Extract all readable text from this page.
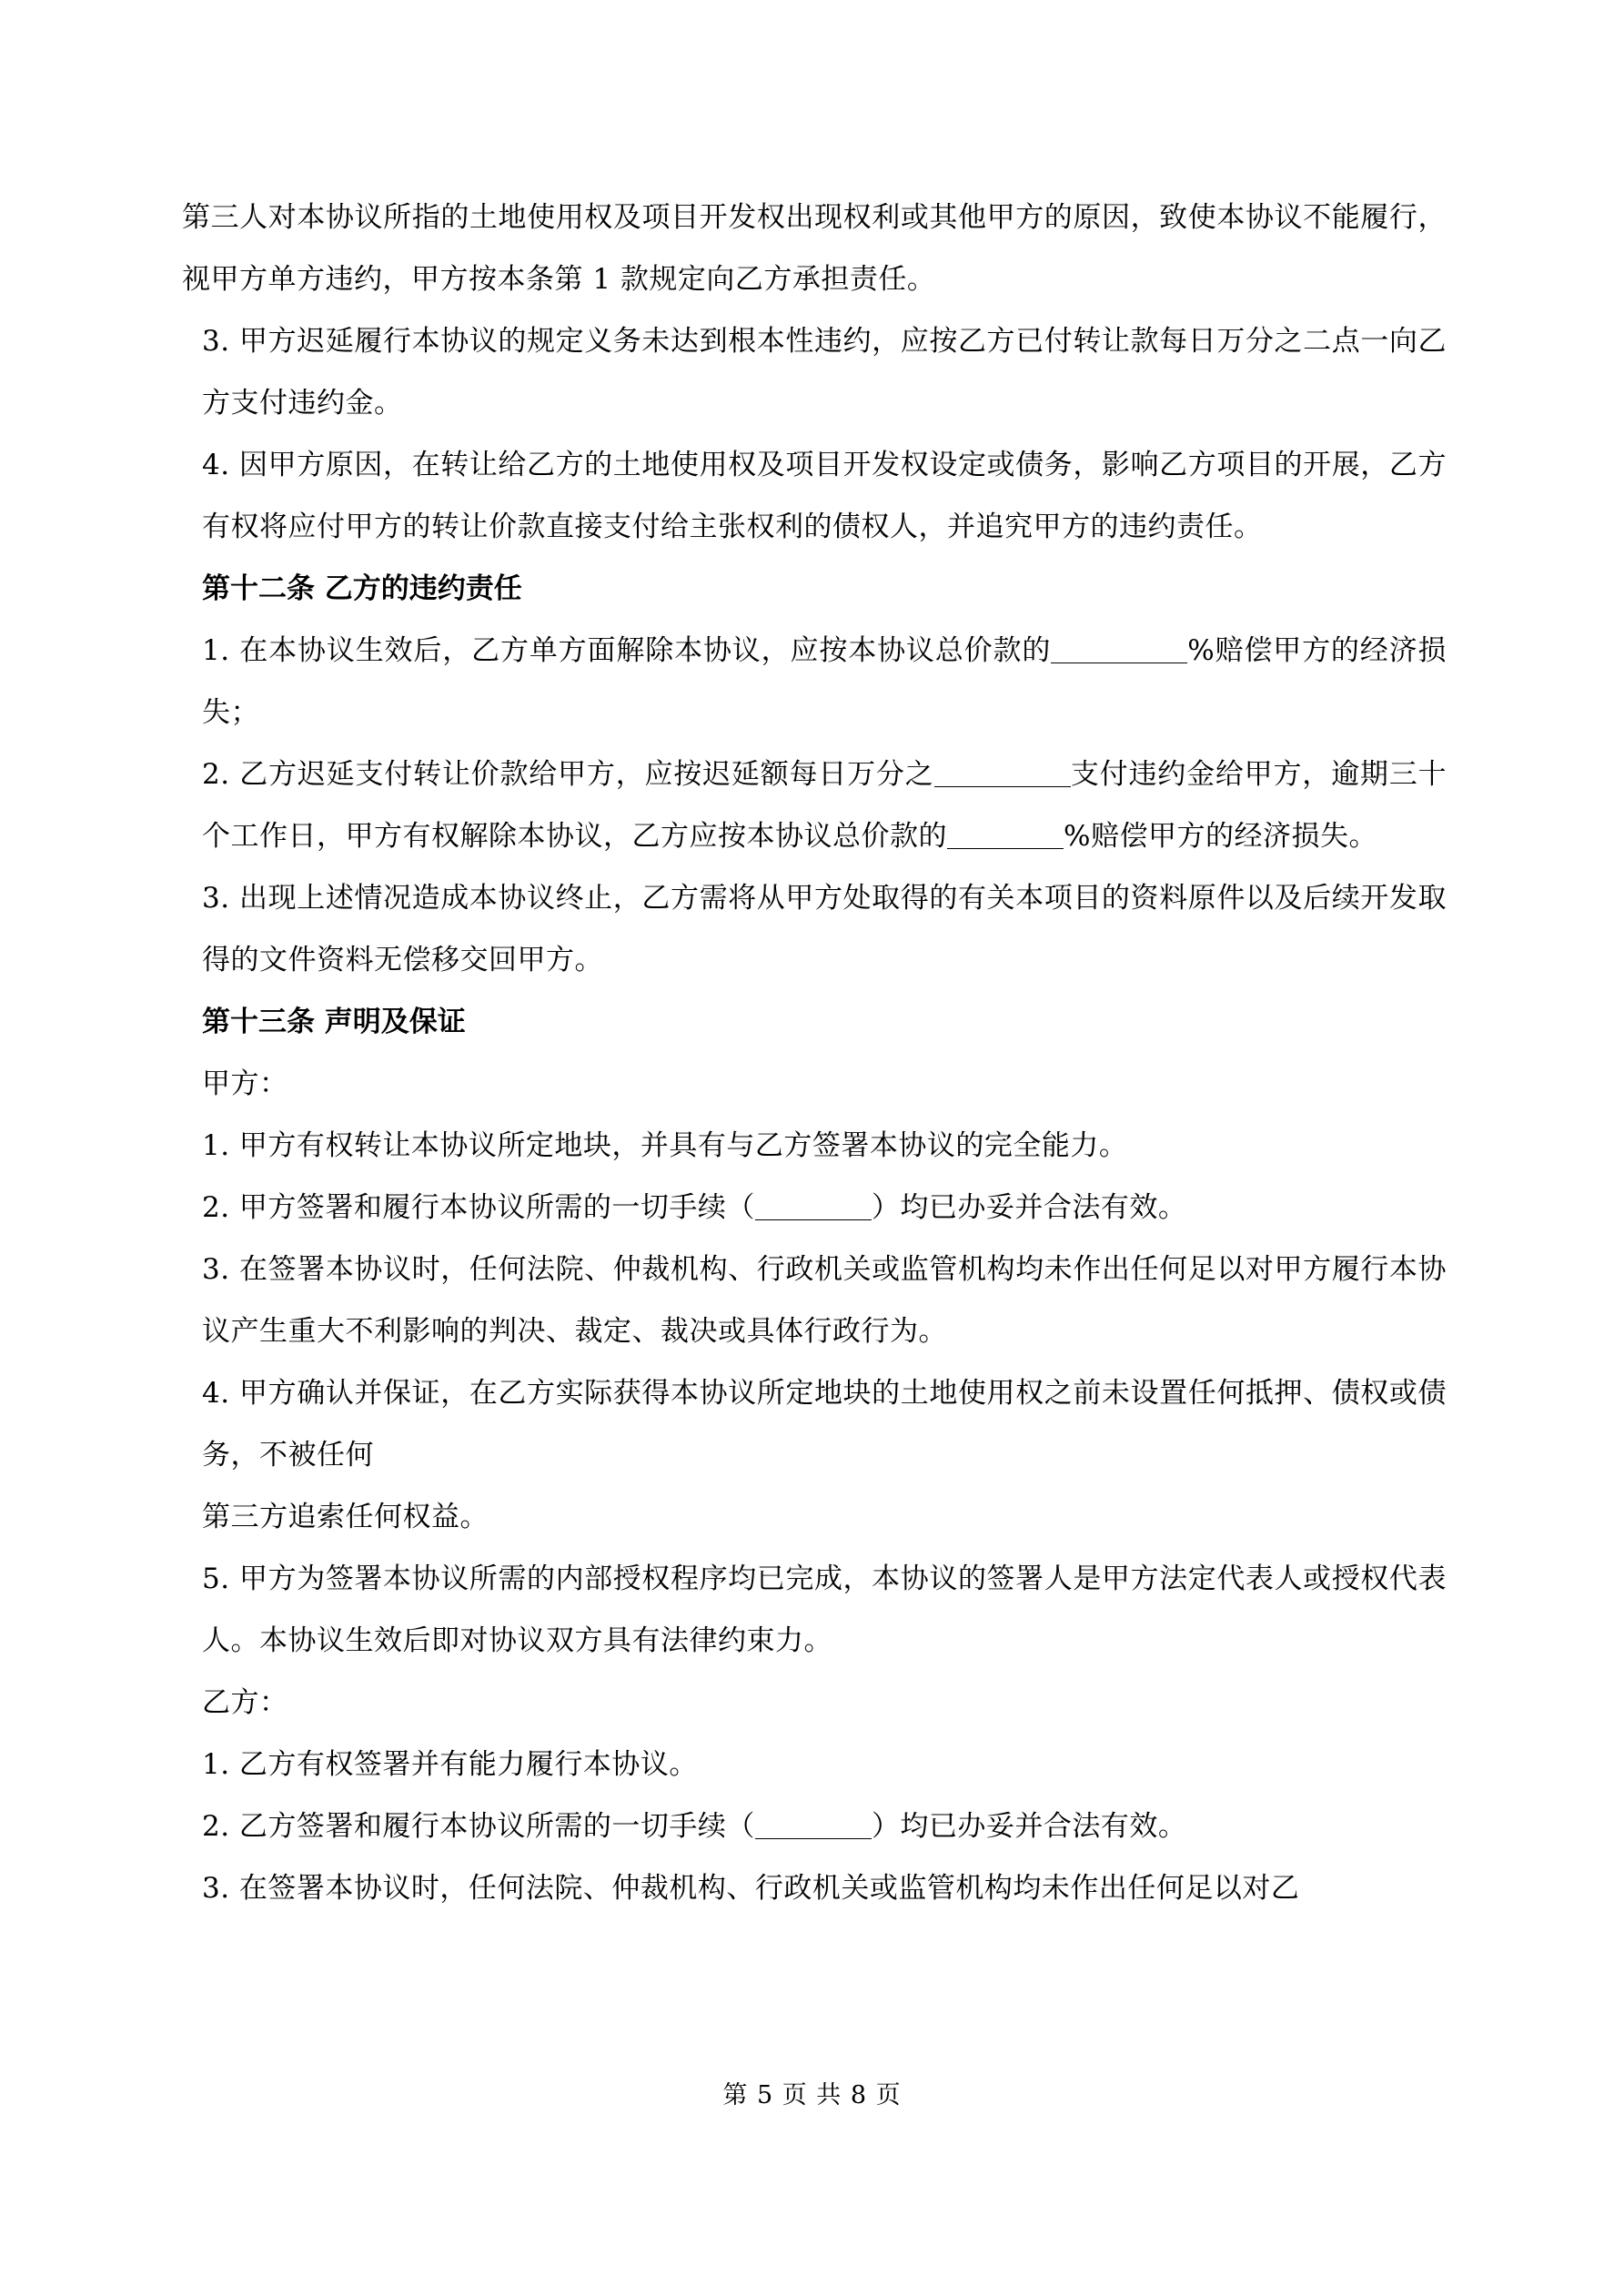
第三人对本协议所指的土地使用权及项目开发权出现权利或其他甲方的原因，致使本协议不能履行，视甲方单方违约，甲方按本条第 1 款规定向乙方承担责任。

3. 甲方迟延履行本协议的规定义务未达到根本性违约，应按乙方已付转让款每日万分之二点一向乙方支付违约金。

4. 因甲方原因，在转让给乙方的土地使用权及项目开发权设定或债务，影响乙方项目的开展，乙方有权将应付甲方的转让价款直接支付给主张权利的债权人，并追究甲方的违约责任。

第十二条 乙方的违约责任

1. 在本协议生效后，乙方单方面解除本协议，应按本协议总价款的	%赔偿甲方的经济损失；

2. 乙方迟延支付转让价款给甲方，应按迟延额每日万分之	支付违约金给甲方，逾期三十个工作日，甲方有权解除本协议，乙方应按本协议总价款的	%赔偿甲方的经济损失。

3. 出现上述情况造成本协议终止，乙方需将从甲方处取得的有关本项目的资料原件以及后续开发取得的文件资料无偿移交回甲方。

第十三条 声明及保证

甲方：

1. 甲方有权转让本协议所定地块，并具有与乙方签署本协议的完全能力。

2. 甲方签署和履行本协议所需的一切手续（	）均已办妥并合法有效。

3. 在签署本协议时，任何法院、仲裁机构、行政机关或监管机构均未作出任何足以对甲方履行本协议产生重大不利影响的判决、裁定、裁决或具体行政行为。

4. 甲方确认并保证，在乙方实际获得本协议所定地块的土地使用权之前未设置任何抵押、债权或债务，不被任何

第三方追索任何权益。

5. 甲方为签署本协议所需的内部授权程序均已完成，本协议的签署人是甲方法定代表人或授权代表人。本协议生效后即对协议双方具有法律约束力。

乙方：

1. 乙方有权签署并有能力履行本协议。

2. 乙方签署和履行本协议所需的一切手续（	）均已办妥并合法有效。

3. 在签署本协议时，任何法院、仲裁机构、行政机关或监管机构均未作出任何足以对乙

第 5 页 共 8 页
